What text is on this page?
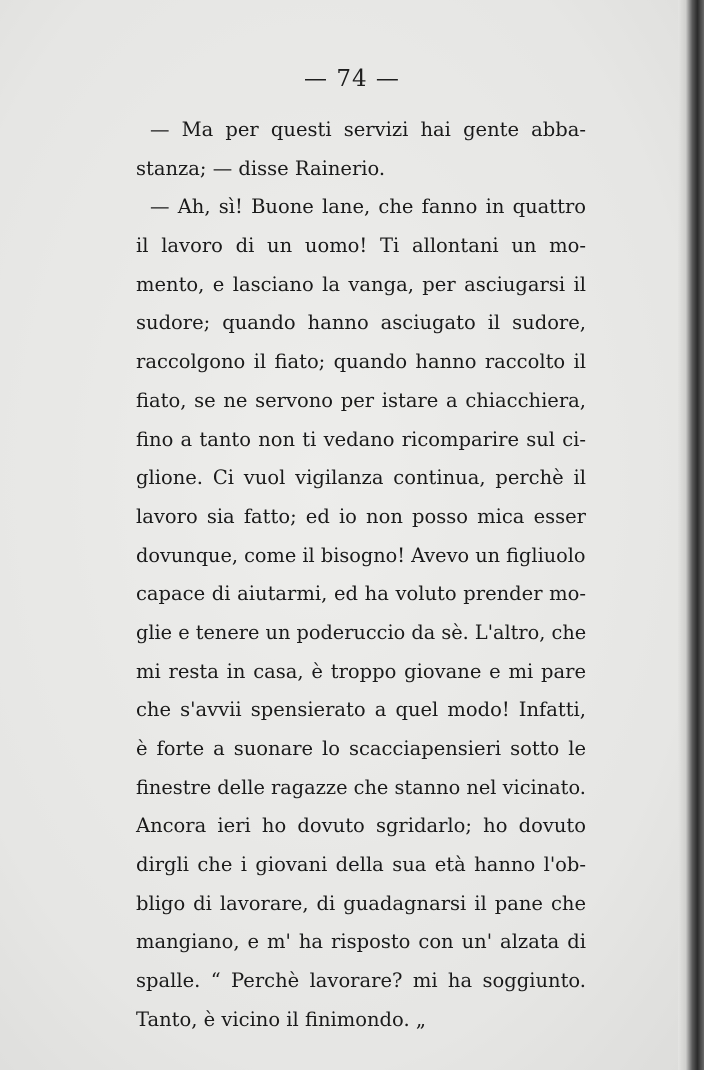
— 74 —
— Ma per questi servizi hai gente abba-
stanza; — disse Rainerio.
— Ah, sì! Buone lane, che fanno in quattro
il lavoro di un uomo! Ti allontani un mo-
mento, e lasciano la vanga, per asciugarsi il
sudore; quando hanno asciugato il sudore,
raccolgono il fiato; quando hanno raccolto il
fiato, se ne servono per istare a chiacchiera,
fino a tanto non ti vedano ricomparire sul ci-
glione. Ci vuol vigilanza continua, perchè il
lavoro sia fatto; ed io non posso mica esser
dovunque, come il bisogno! Avevo un figliuolo
capace di aiutarmi, ed ha voluto prender mo-
glie e tenere un poderuccio da sè. L'altro, che
mi resta in casa, è troppo giovane e mi pare
che s'avvii spensierato a quel modo! Infatti,
è forte a suonare lo scacciapensieri sotto le
finestre delle ragazze che stanno nel vicinato.
Ancora ieri ho dovuto sgridarlo; ho dovuto
dirgli che i giovani della sua età hanno l'ob-
bligo di lavorare, di guadagnarsi il pane che
mangiano, e m' ha risposto con un' alzata di
spalle. “ Perchè lavorare? mi ha soggiunto.
Tanto, è vicino il finimondo. „
